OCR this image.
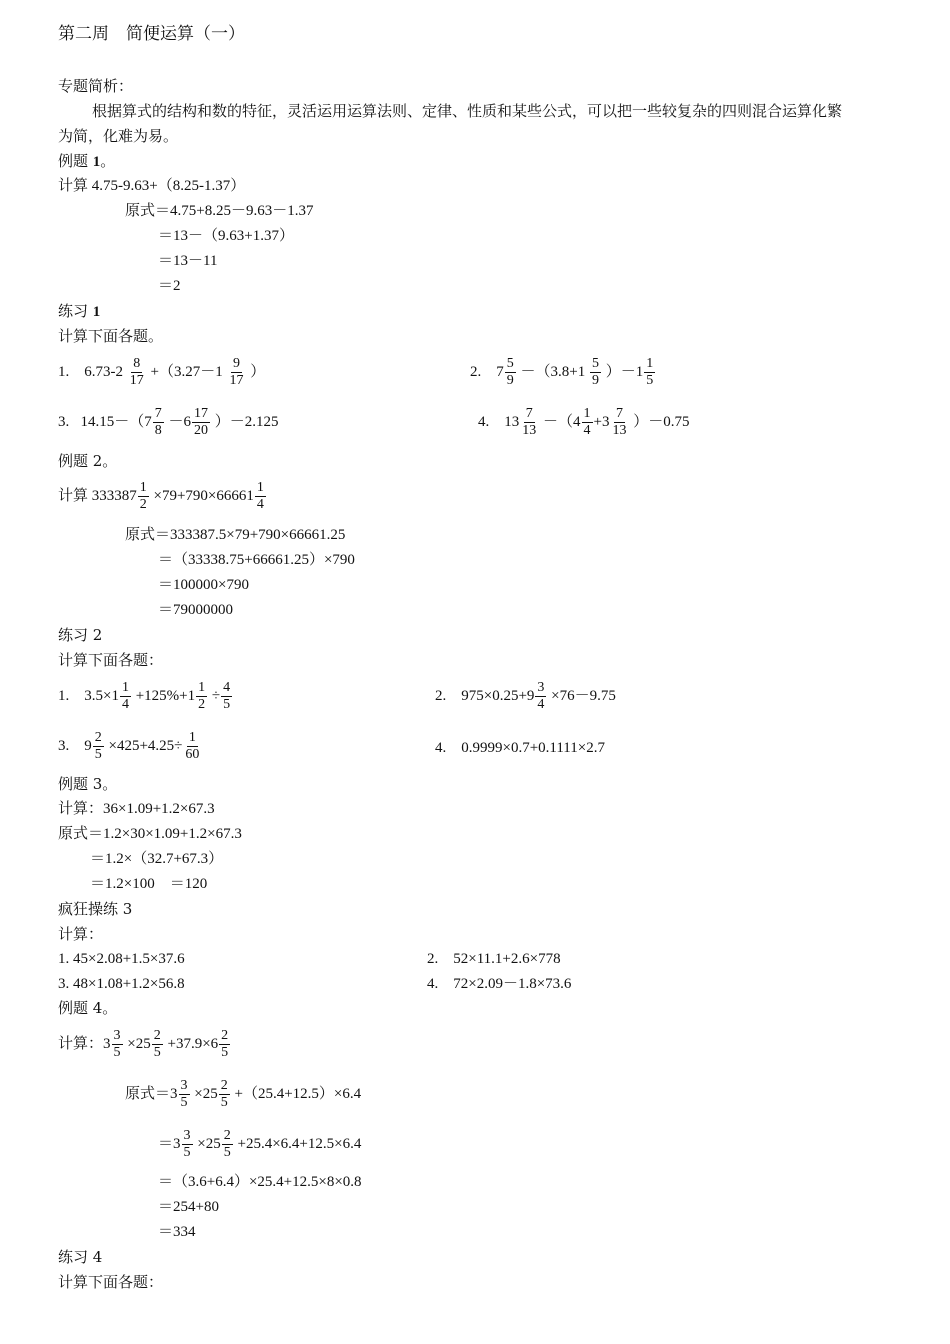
第二周　简便运算（一）
专题简析：
根据算式的结构和数的特征，灵活运用运算法则、定律、性质和某些公式，可以把一些较复杂的四则混合运算化繁
为简，化难为易。
例题 1。
计算 4.75-9.63+（8.25-1.37）
原式＝4.75+8.25－9.63－1.37
＝13－（9.63+1.37）
＝13－11
＝2
练习 1
计算下面各题。
1. $6.73-2 \frac{8}{17} +(3.27-1 \frac{9}{17}$ ）	2. $7 \frac{5}{9} -(3.8+1 \frac{5}{9} )-1 \frac{1}{5}$
3. $14.15-(7 \frac{7}{8} -6 \frac{17}{20} )-2.125$	4. $13 \frac{7}{13} -(4 \frac{1}{4} +3 \frac{7}{13} )-0.75$
例题 2。
计算 $333387 \frac{1}{2} \times 79+790\times 66661 \frac{1}{4}$
原式＝333387.5×79+790×66661.25
＝（33338.75+66661.25）×790
＝100000×790
＝79000000
练习 2
计算下面各题：
1. $3.5\times 1 \frac{1}{4} +125\%+1 \frac{1}{2} \div \frac{4}{5}$	2. $975\times 0.25+9 \frac{3}{4} \times 76-9.75$
3. $9 \frac{2}{5} \times 425+4.25\div \frac{1}{60}$	4. 0.9999×0.7+0.1111×2.7
例题 3。
计算：36×1.09+1.2×67.3
原式＝1.2×30×1.09+1.2×67.3
＝1.2×（32.7+67.3）
＝1.2×100　＝120
疯狂操练 3
计算：
1. 45×2.08+1.5×37.6	2.　52×11.1+2.6×778
3. 48×1.08+1.2×56.8	4.　72×2.09－1.8×73.6
例题 4。
计算：$3 \frac{3}{5} \times 25 \frac{2}{5} +37.9\times 6 \frac{2}{5}$
原式$=3 \frac{3}{5} \times 25 \frac{2}{5} +(25.4+12.5)\times 6.4$
$=3 \frac{3}{5} \times 25 \frac{2}{5} +25.4\times 6.4+12.5\times 6.4$
＝（3.6+6.4）×25.4+12.5×8×0.8
＝254+80
＝334
练习 4
计算下面各题：
